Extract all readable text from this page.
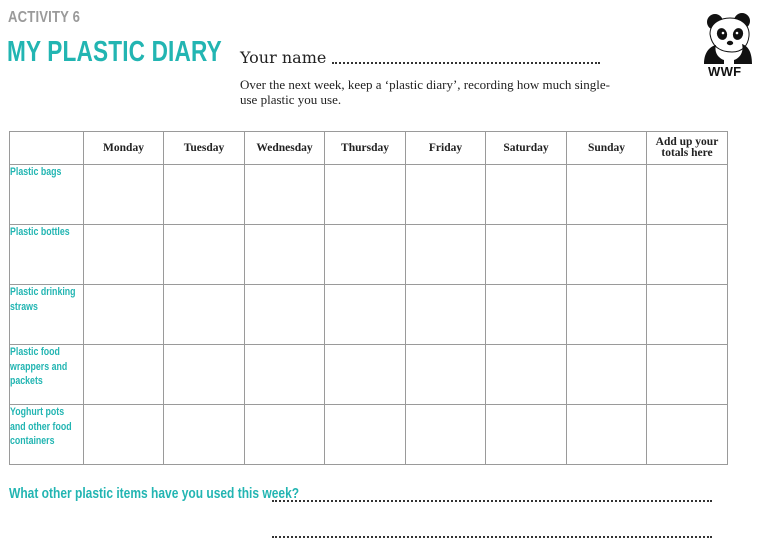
ACTIVITY 6
MY PLASTIC DIARY Your name
Over the next week, keep a ‘plastic diary’, recording how much single-use plastic you use.
WWF
	Monday	Tuesday	Wednesday	Thursday	Friday	Saturday	Sunday	Add up your totals here
Plastic bags								
Plastic bottles								
Plastic drinking straws								
Plastic food wrappers and packets								
Yoghurt pots and other food containers								
What other plastic items have you used this week?
